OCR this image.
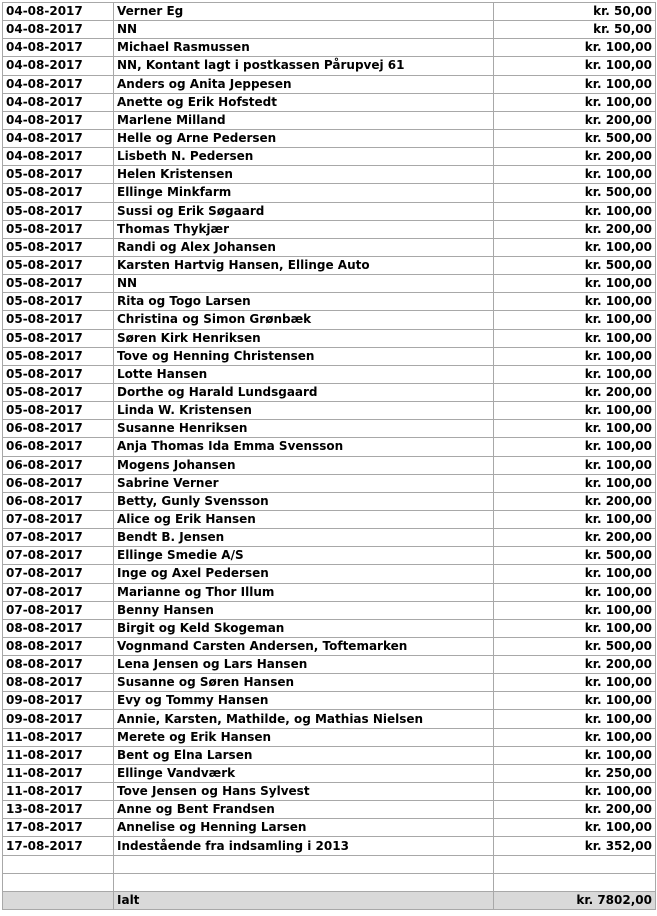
04-08-2017	Verner Eg	kr. 50,00
04-08-2017	NN	kr. 50,00
04-08-2017	Michael Rasmussen	kr. 100,00
04-08-2017	NN, Kontant lagt i postkassen Pårupvej 61	kr. 100,00
04-08-2017	Anders og Anita Jeppesen	kr. 100,00
04-08-2017	Anette og Erik Hofstedt	kr. 100,00
04-08-2017	Marlene Milland	kr. 200,00
04-08-2017	Helle og Arne Pedersen	kr. 500,00
04-08-2017	Lisbeth N. Pedersen	kr. 200,00
05-08-2017	Helen Kristensen	kr. 100,00
05-08-2017	Ellinge Minkfarm	kr. 500,00
05-08-2017	Sussi og Erik Søgaard	kr. 100,00
05-08-2017	Thomas Thykjær	kr. 200,00
05-08-2017	Randi og Alex Johansen	kr. 100,00
05-08-2017	Karsten Hartvig Hansen, Ellinge Auto	kr. 500,00
05-08-2017	NN	kr. 100,00
05-08-2017	Rita og Togo Larsen	kr. 100,00
05-08-2017	Christina og Simon Grønbæk	kr. 100,00
05-08-2017	Søren Kirk Henriksen	kr. 100,00
05-08-2017	Tove og Henning Christensen	kr. 100,00
05-08-2017	Lotte Hansen	kr. 100,00
05-08-2017	Dorthe og Harald Lundsgaard	kr. 200,00
05-08-2017	Linda W. Kristensen	kr. 100,00
06-08-2017	Susanne Henriksen	kr. 100,00
06-08-2017	Anja Thomas Ida Emma Svensson	kr. 100,00
06-08-2017	Mogens Johansen	kr. 100,00
06-08-2017	Sabrine Verner	kr. 100,00
06-08-2017	Betty, Gunly Svensson	kr. 200,00
07-08-2017	Alice og Erik Hansen	kr. 100,00
07-08-2017	Bendt B. Jensen	kr. 200,00
07-08-2017	Ellinge Smedie A/S	kr. 500,00
07-08-2017	Inge og Axel Pedersen	kr. 100,00
07-08-2017	Marianne og Thor Illum	kr. 100,00
07-08-2017	Benny Hansen	kr. 100,00
08-08-2017	Birgit og Keld Skogeman	kr. 100,00
08-08-2017	Vognmand Carsten Andersen, Toftemarken	kr. 500,00
08-08-2017	Lena Jensen og Lars Hansen	kr. 200,00
08-08-2017	Susanne og Søren Hansen	kr. 100,00
09-08-2017	Evy og Tommy Hansen	kr. 100,00
09-08-2017	Annie, Karsten, Mathilde, og Mathias Nielsen	kr. 100,00
11-08-2017	Merete og Erik Hansen	kr. 100,00
11-08-2017	Bent og Elna Larsen	kr. 100,00
11-08-2017	Ellinge Vandværk	kr. 250,00
11-08-2017	Tove Jensen og Hans Sylvest	kr. 100,00
13-08-2017	Anne og Bent Frandsen	kr. 200,00
17-08-2017	Annelise og Henning Larsen	kr. 100,00
17-08-2017	Indestående fra indsamling i 2013	kr. 352,00

	Ialt	kr. 7802,00
